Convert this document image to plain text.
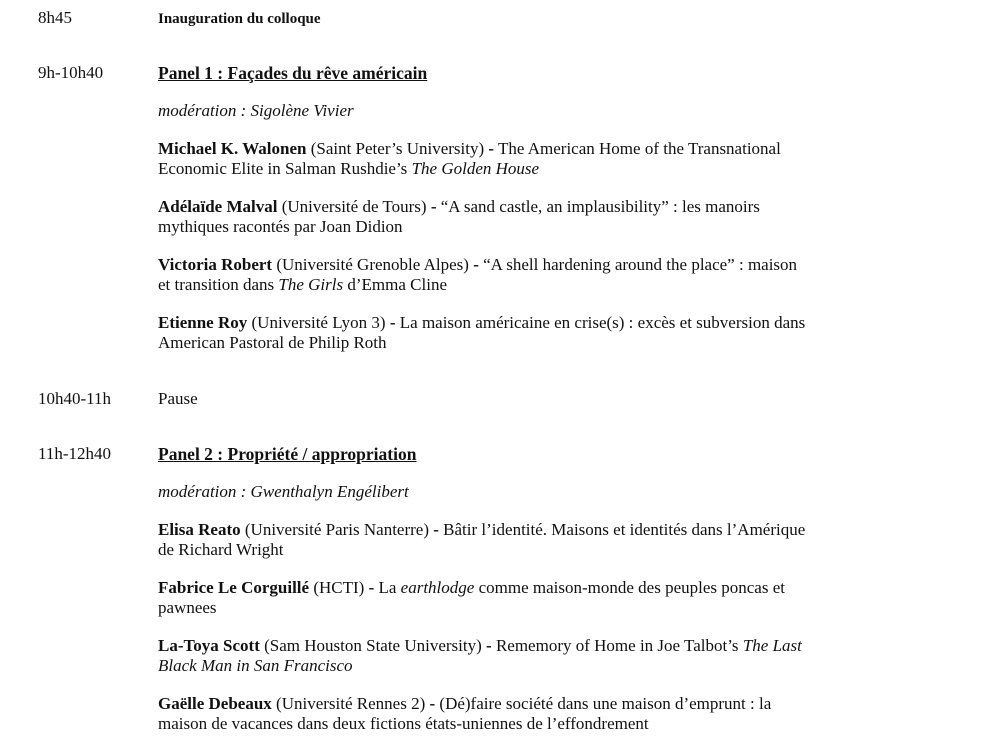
8h45	Inauguration du colloque
9h-10h40	Panel 1 : Façades du rêve américain
modération : Sigolène Vivier
Michael K. Walonen (Saint Peter’s University) - The American Home of the Transnational
Economic Elite in Salman Rushdie’s The Golden House
Adélaïde Malval (Université de Tours) - “A sand castle, an implausibility” : les manoirs
mythiques racontés par Joan Didion
Victoria Robert (Université Grenoble Alpes) - “A shell hardening around the place” : maison
et transition dans The Girls d’Emma Cline
Etienne Roy (Université Lyon 3) - La maison américaine en crise(s) : excès et subversion dans
American Pastoral de Philip Roth
10h40-11h	Pause
11h-12h40	Panel 2 : Propriété / appropriation
modération : Gwenthalyn Engélibert
Elisa Reato (Université Paris Nanterre) - Bâtir l’identité. Maisons et identités dans l’Amérique
de Richard Wright
Fabrice Le Corguillé (HCTI) - La earthlodge comme maison-monde des peuples poncas et
pawnees
La-Toya Scott (Sam Houston State University) - Rememory of Home in Joe Talbot’s The Last
Black Man in San Francisco
Gaëlle Debeaux (Université Rennes 2) - (Dé)faire société dans une maison d’emprunt : la
maison de vacances dans deux fictions états-uniennes de l’effondrement
